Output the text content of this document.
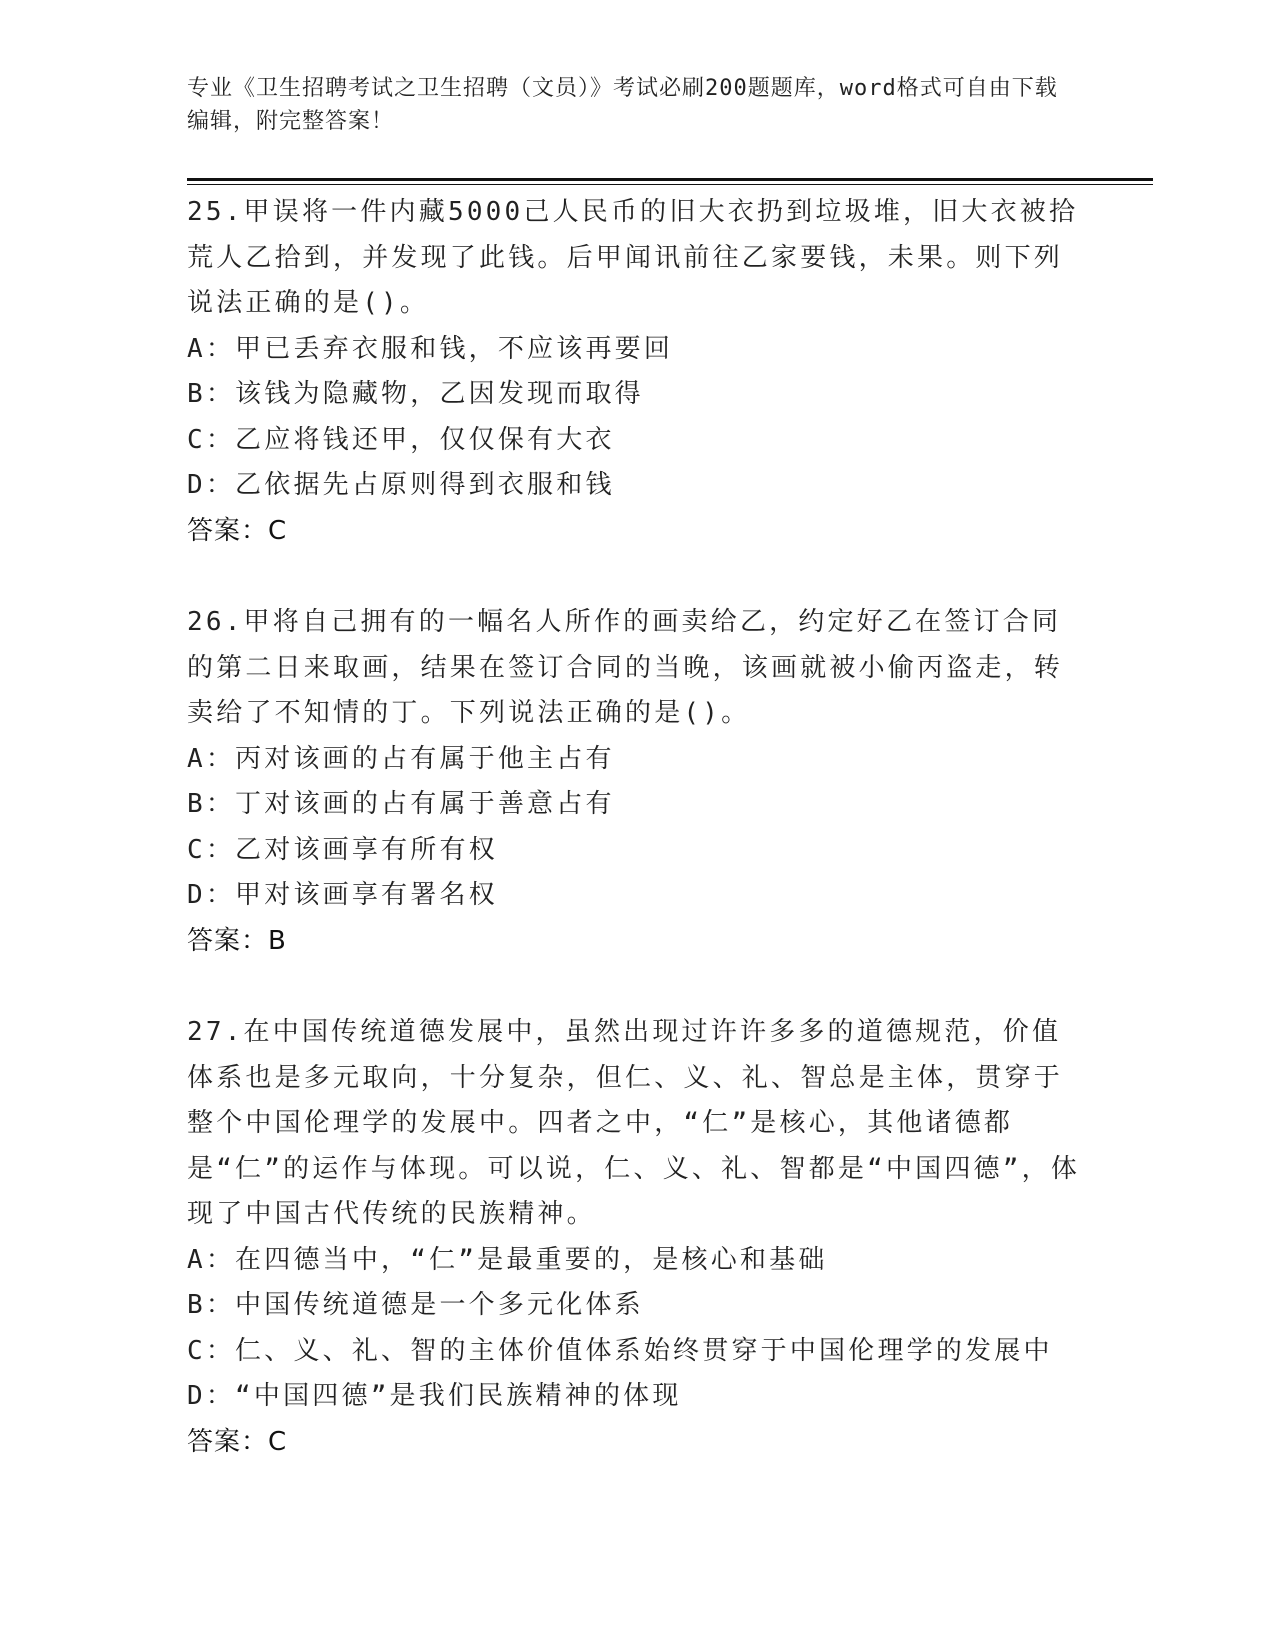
专业《卫生招聘考试之卫生招聘（文员）》考试必刷200题题库，word格式可自由下载编辑，附完整答案！

25.甲误将一件内藏5000己人民币的旧大衣扔到垃圾堆，旧大衣被拾荒人乙拾到，并发现了此钱。后甲闻讯前往乙家要钱，未果。则下列说法正确的是()。

A：甲已丢弃衣服和钱，不应该再要回

B：该钱为隐藏物，乙因发现而取得

C：乙应将钱还甲，仅仅保有大衣

D：乙依据先占原则得到衣服和钱

答案：C

26.甲将自己拥有的一幅名人所作的画卖给乙，约定好乙在签订合同的第二日来取画，结果在签订合同的当晚，该画就被小偷丙盗走，转卖给了不知情的丁。下列说法正确的是()。

A：丙对该画的占有属于他主占有

B：丁对该画的占有属于善意占有

C：乙对该画享有所有权

D：甲对该画享有署名权

答案：B

27.在中国传统道德发展中，虽然出现过许许多多的道德规范，价值体系也是多元取向，十分复杂，但仁、义、礼、智总是主体，贯穿于整个中国伦理学的发展中。四者之中，“仁”是核心，其他诸德都是“仁”的运作与体现。可以说，仁、义、礼、智都是“中国四德”，体现了中国古代传统的民族精神。

A：在四德当中，“仁”是最重要的，是核心和基础

B：中国传统道德是一个多元化体系

C：仁、义、礼、智的主体价值体系始终贯穿于中国伦理学的发展中

D：“中国四德”是我们民族精神的体现

答案：C
